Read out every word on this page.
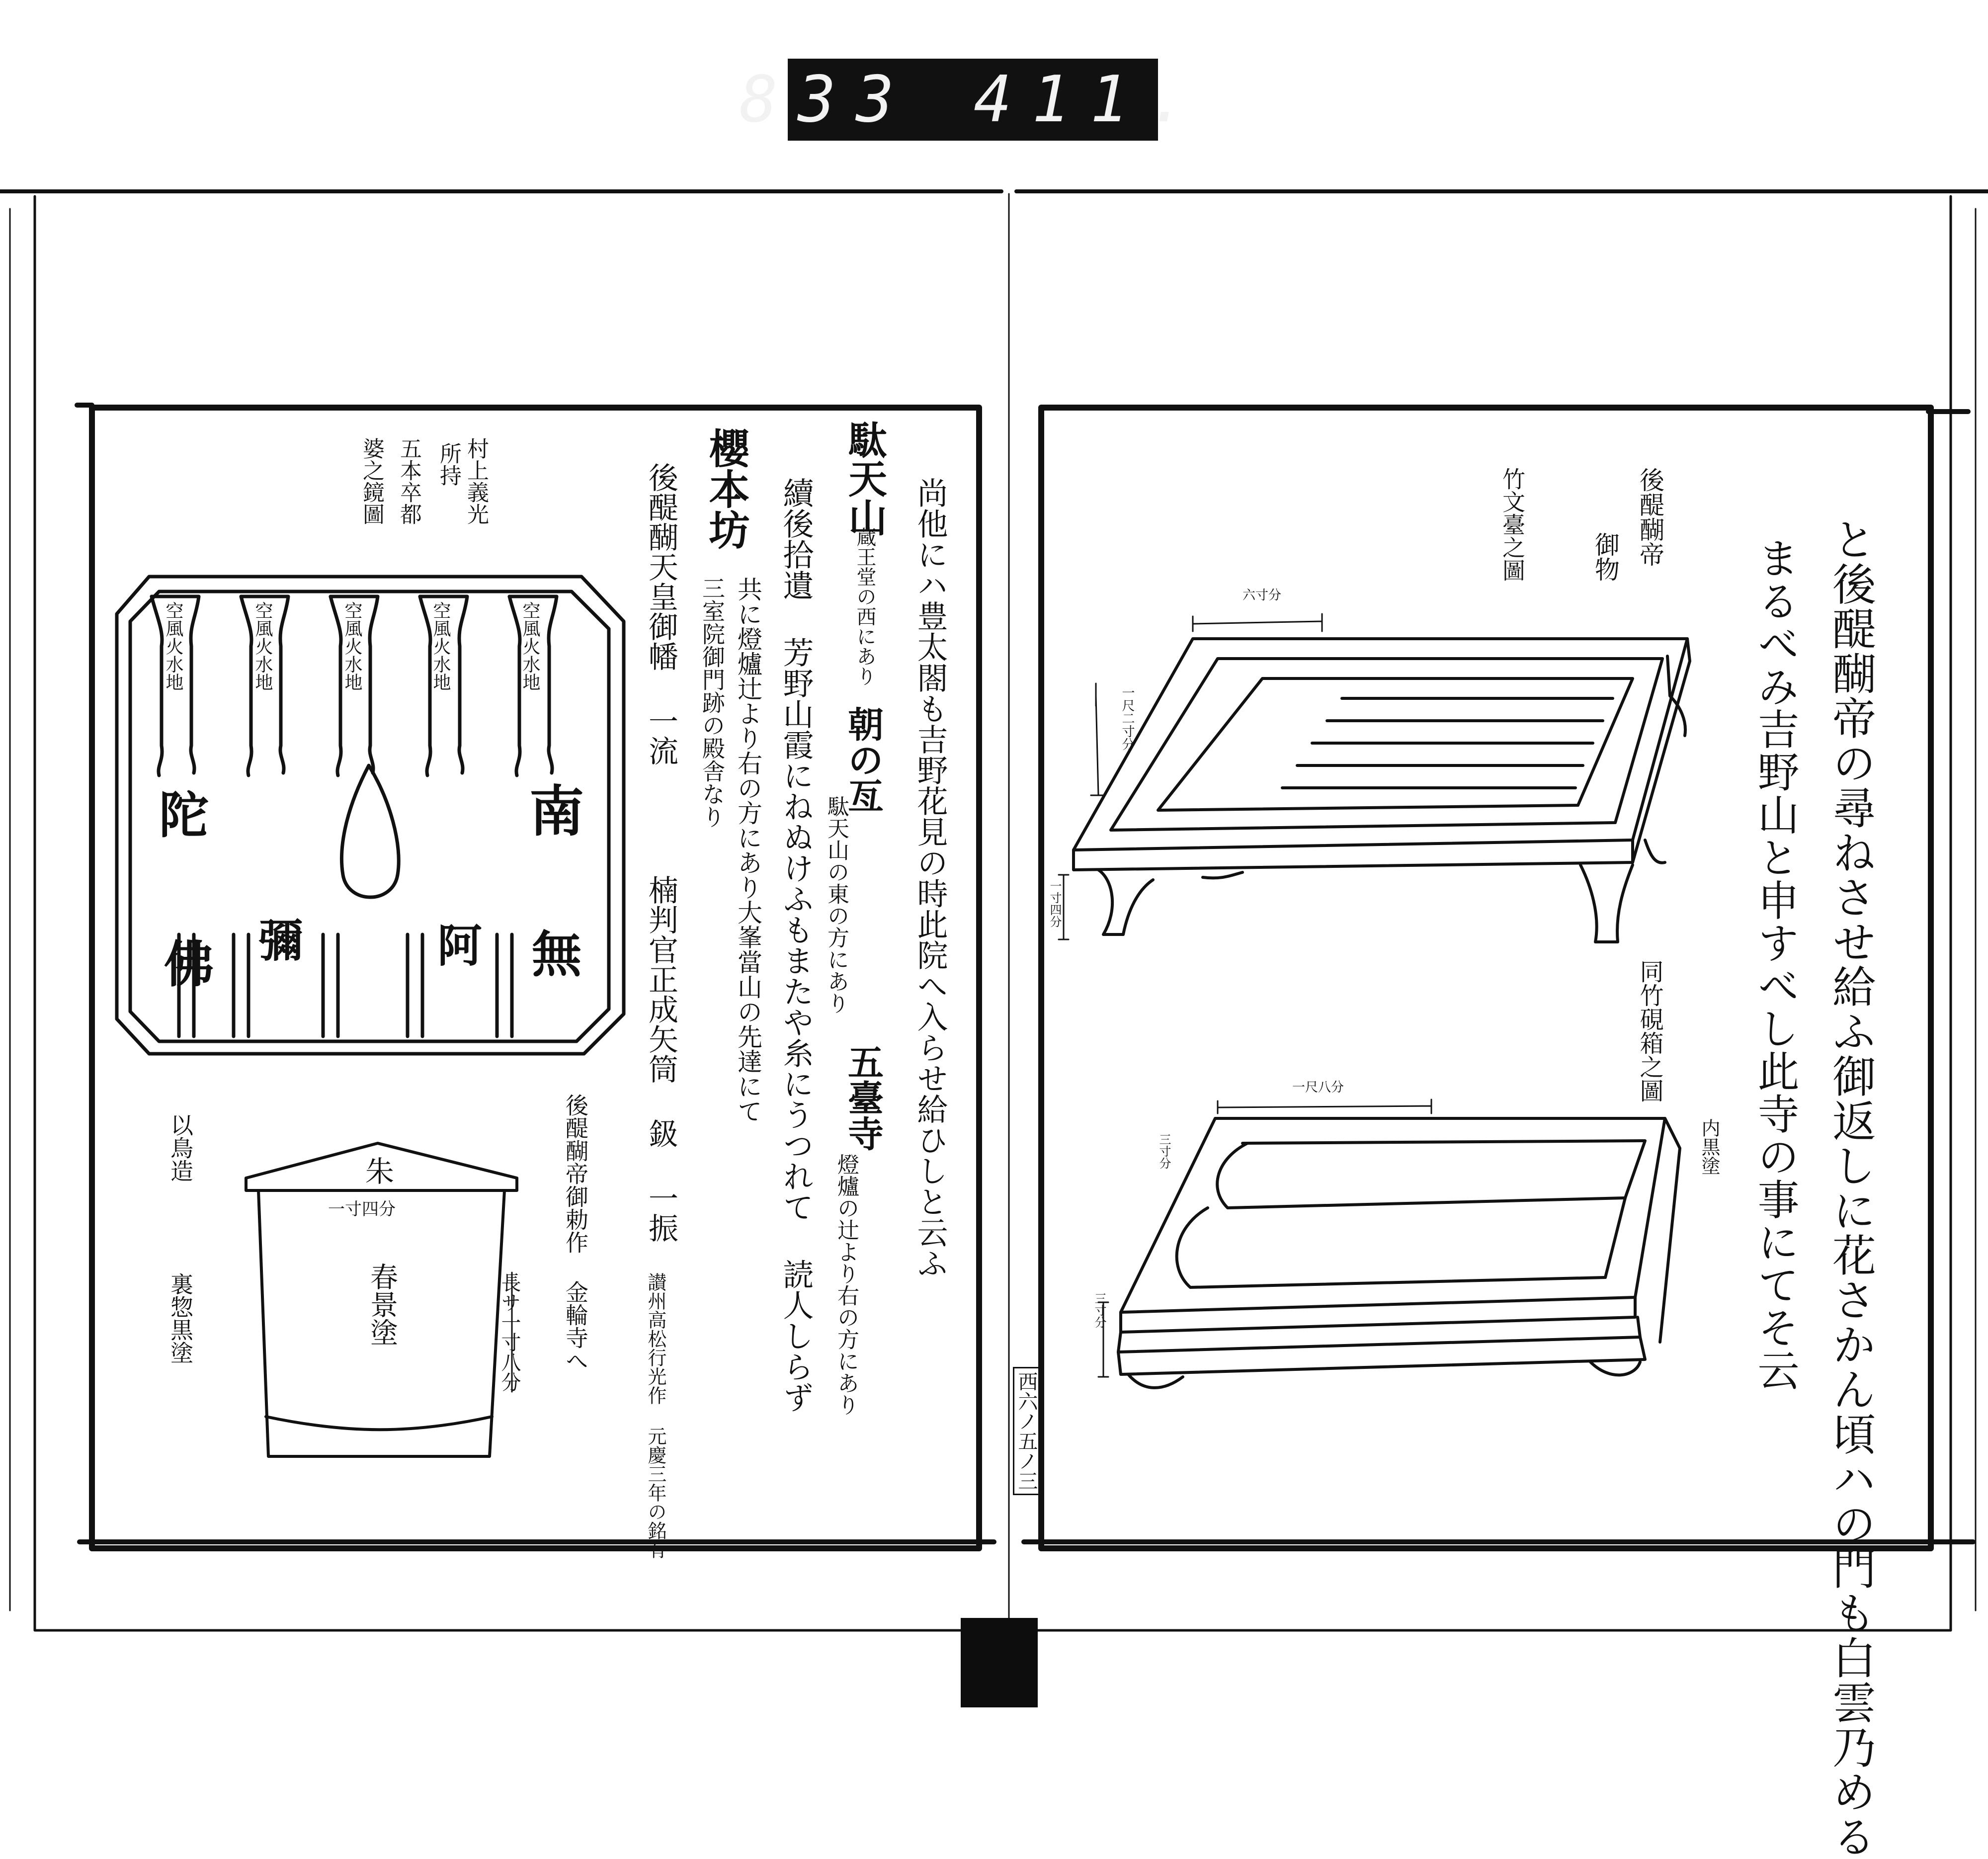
833 411.
と後醍醐帝の尋ねさせ給ふ御返しに花さかん頃ハの門も白雲乃める
まるべみ吉野山と申すべし此寺の事にてそ云
後醍醐帝
御物
竹文臺之圖
同竹硯箱之圖
内黒塗
六寸分
一尺二寸分
一寸四分
三寸分
一尺八分
三寸分
西六ノ五ノ三
尚他にハ豊太閤も吉野花見の時此院へ入らせ給ひしと云ふ
駄天山
蔵王堂の西にあり
朝の亙
駄天山の東の方にあり
五臺寺
燈爐の辻より右の方にあり
續後拾遺 芳野山霞にねぬけふもまたや糸にうつれて 読人しらず
櫻本坊
共に燈爐辻より右の方にあり大峯當山の先達にて
三室院御門跡の殿舎なり
後醍醐天皇御幡 一流
楠判官正成矢筒 鈒 一振
讃州高松行光作 元慶三年の銘有
後醍醐帝御勅作 金輪寺へ
長サ一寸八分
村上義光
所持
五本卒都
婆之鏡圖
空風火水地
空風火水地
空風火水地
空風火水地
空風火水地
南
無
阿
彌
陀
佛
朱
一寸四分
春景塗
以鳥造
裏惣黒塗
